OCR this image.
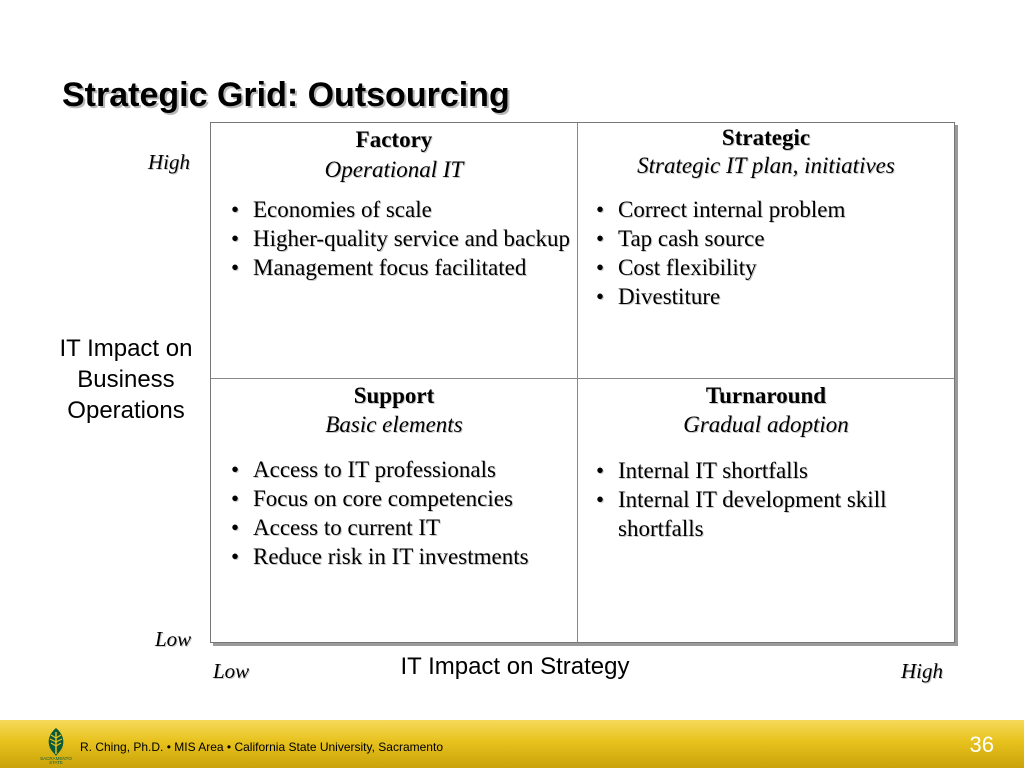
Strategic Grid: Outsourcing
High
Low
IT Impact on
Business
Operations
Factory
Operational IT
• Economies of scale
• Higher-quality service and backup
• Management focus facilitated
Strategic
Strategic IT plan, initiatives
• Correct internal problem
• Tap cash source
• Cost flexibility
• Divestiture
Support
Basic elements
• Access to IT professionals
• Focus on core competencies
• Access to current IT
• Reduce risk in IT investments
Turnaround
Gradual adoption
• Internal IT shortfalls
• Internal IT development skill shortfalls
Low	IT Impact on Strategy	High
SACRAMENTO
STATE
R. Ching, Ph.D. • MIS Area • California State University, Sacramento	36
